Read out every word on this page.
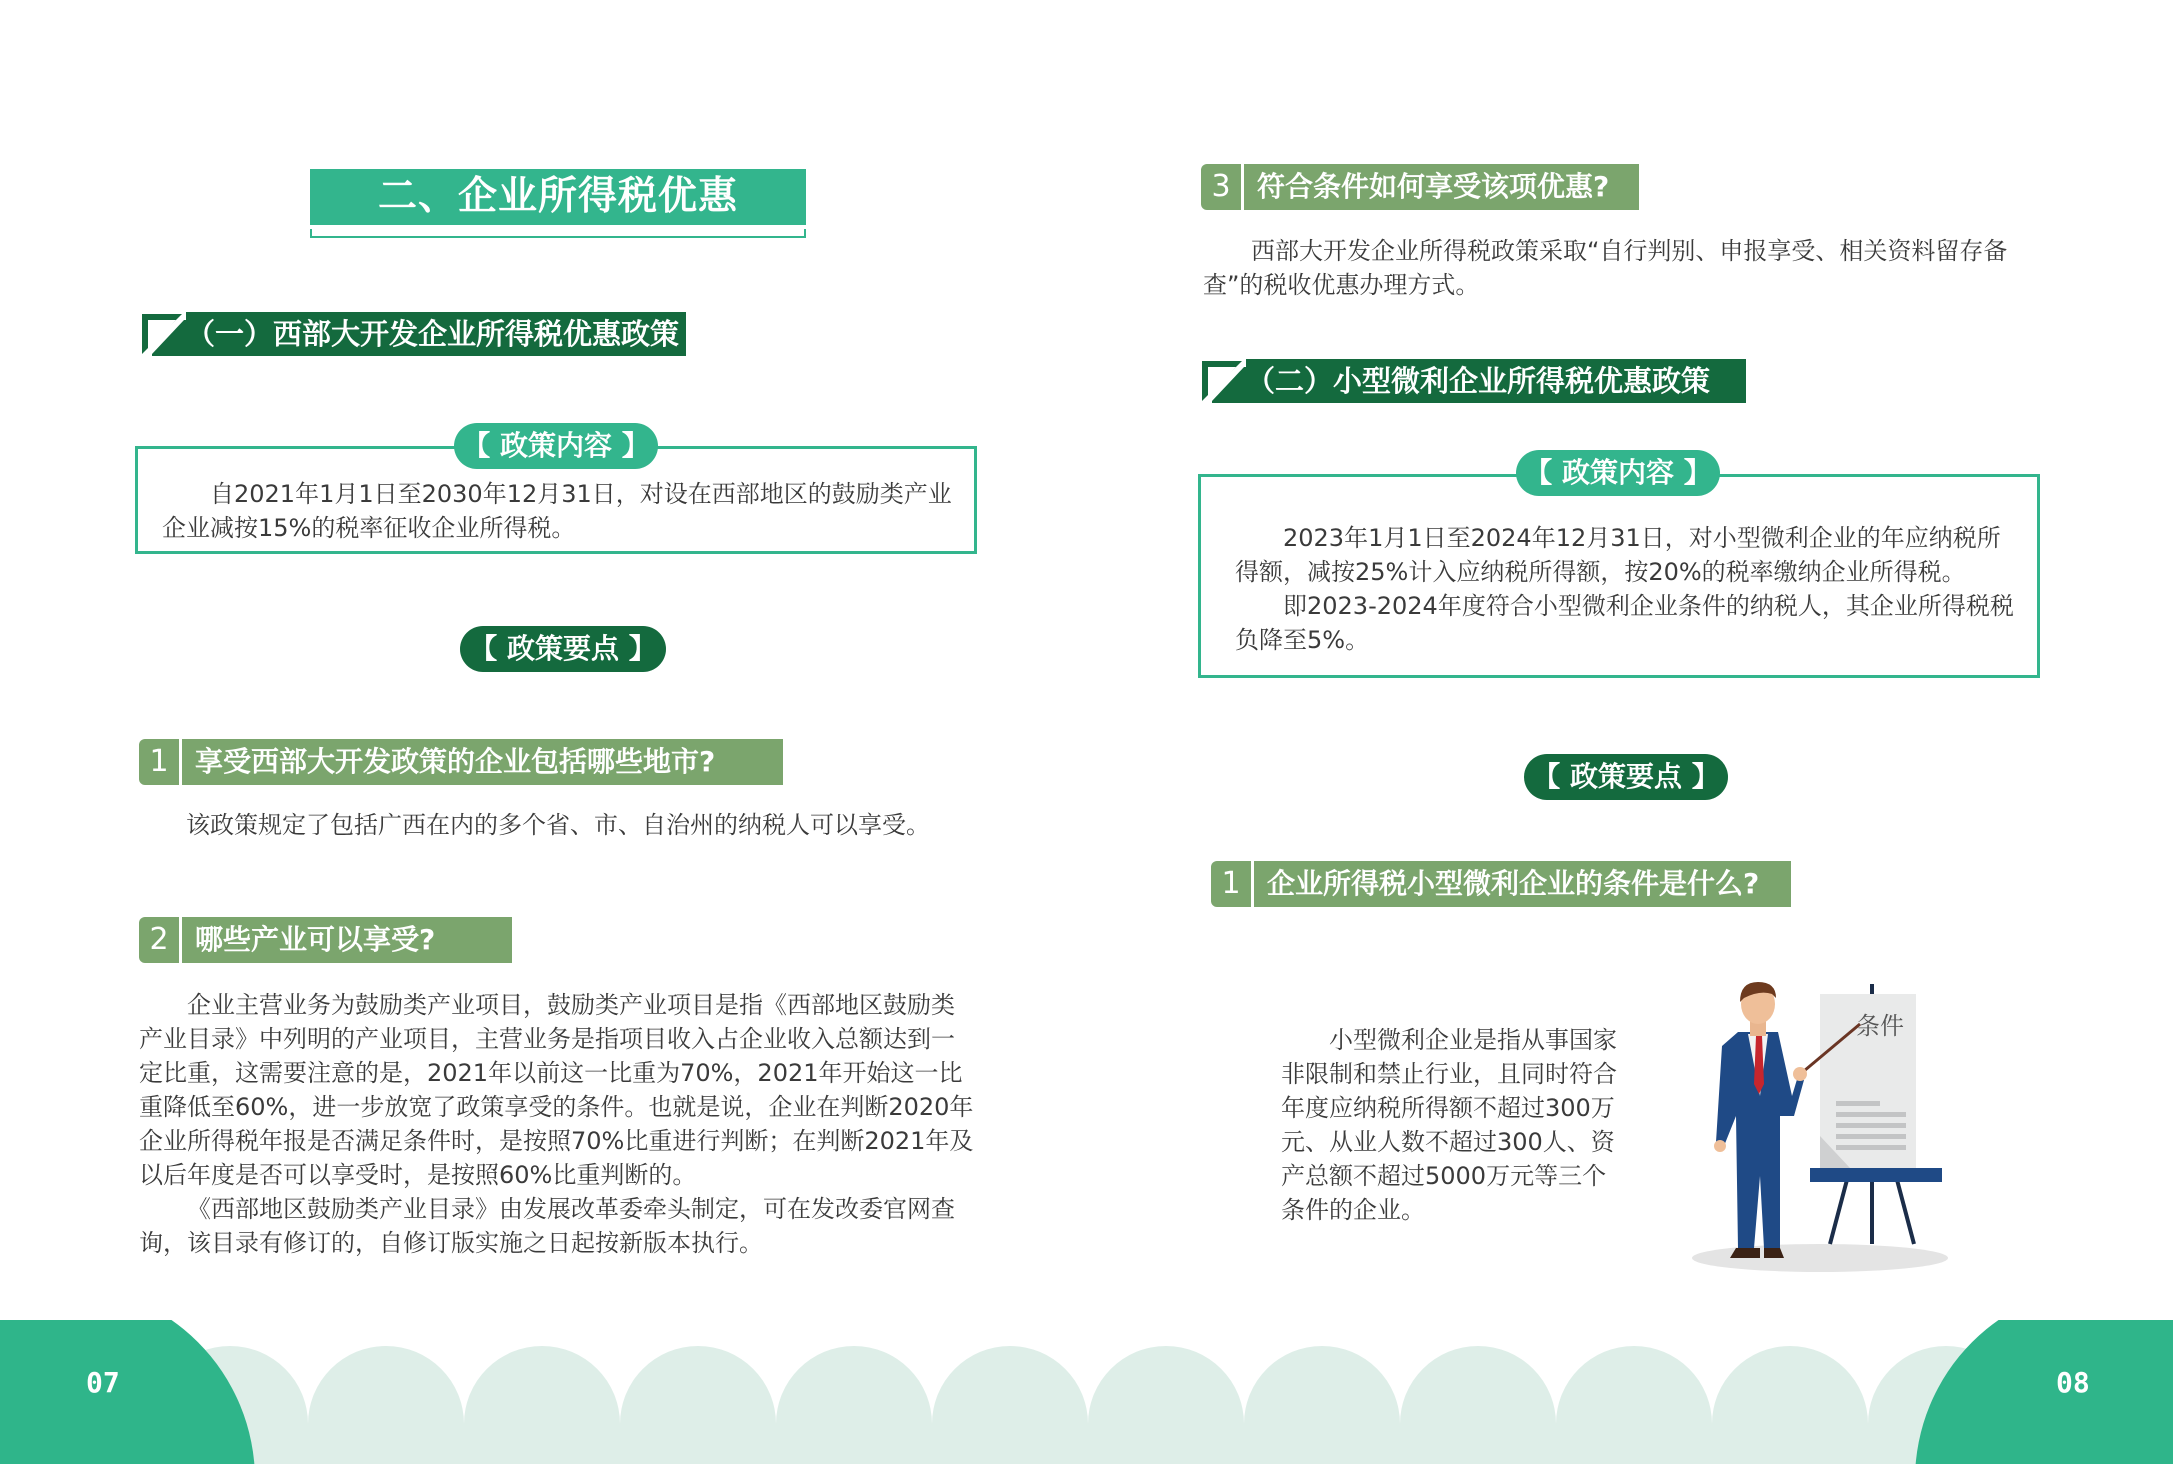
二、企业所得税优惠
（一）西部大开发企业所得税优惠政策

自2021年1月1日至2030年12月31日，对设在西部地区的鼓励类产业企业减按15%的税率征收企业所得税。

【 政策内容 】
【 政策要点 】
1 享受西部大开发政策的企业包括哪些地市?
该政策规定了包括广西在内的多个省、市、自治州的纳税人可以享受。
2 哪些产业可以享受?

企业主营业务为鼓励类产业项目，鼓励类产业项目是指《西部地区鼓励类产业目录》中列明的产业项目，主营业务是指项目收入占企业收入总额达到一定比重，这需要注意的是，2021年以前这一比重为70%，2021年开始这一比重降低至60%，进一步放宽了政策享受的条件。也就是说，企业在判断2020年企业所得税年报是否满足条件时，是按照70%比重进行判断；在判断2021年及以后年度是否可以享受时，是按照60%比重判断的。

《西部地区鼓励类产业目录》由发展改革委牵头制定，可在发改委官网查询，该目录有修订的，自修订版实施之日起按新版本执行。

3 符合条件如何享受该项优惠?

西部大开发企业所得税政策采取“自行判别、申报享受、相关资料留存备查”的税收优惠办理方式。

（二）小型微利企业所得税优惠政策

2023年1月1日至2024年12月31日，对小型微利企业的年应纳税所得额，减按25%计入应纳税所得额，按20%的税率缴纳企业所得税。

即2023-2024年度符合小型微利企业条件的纳税人，其企业所得税税负降至5%。

【 政策内容 】
【 政策要点 】
1 企业所得税小型微利企业的条件是什么?

小型微利企业是指从事国家非限制和禁止行业，且同时符合年度应纳税所得额不超过300万元、从业人数不超过300人、资产总额不超过5000万元等三个条件的企业。

条件
07	08
